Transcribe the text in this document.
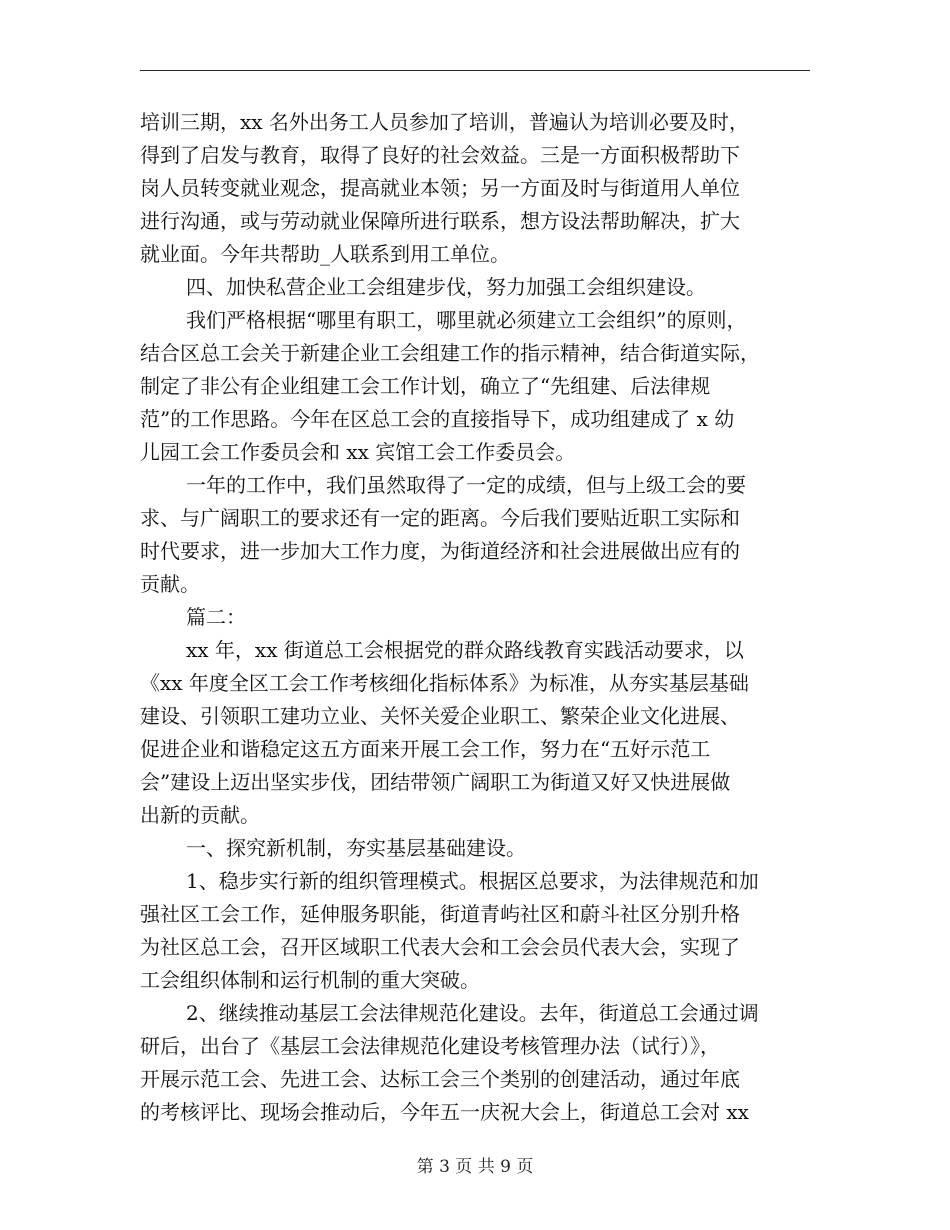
培训三期，xx 名外出务工人员参加了培训，普遍认为培训必要及时，
得到了启发与教育，取得了良好的社会效益。三是一方面积极帮助下
岗人员转变就业观念，提高就业本领；另一方面及时与街道用人单位
进行沟通，或与劳动就业保障所进行联系，想方设法帮助解决，扩大
就业面。今年共帮助_人联系到用工单位。
四、加快私营企业工会组建步伐，努力加强工会组织建设。
我们严格根据“哪里有职工，哪里就必须建立工会组织”的原则，
结合区总工会关于新建企业工会组建工作的指示精神，结合街道实际，
制定了非公有企业组建工会工作计划，确立了“先组建、后法律规
范”的工作思路。今年在区总工会的直接指导下，成功组建成了 x 幼
儿园工会工作委员会和 xx 宾馆工会工作委员会。
一年的工作中，我们虽然取得了一定的成绩，但与上级工会的要
求、与广阔职工的要求还有一定的距离。今后我们要贴近职工实际和
时代要求，进一步加大工作力度，为街道经济和社会进展做出应有的
贡献。
篇二：
xx 年，xx 街道总工会根据党的群众路线教育实践活动要求，以
《xx 年度全区工会工作考核细化指标体系》为标准，从夯实基层基础
建设、引领职工建功立业、关怀关爱企业职工、繁荣企业文化进展、
促进企业和谐稳定这五方面来开展工会工作，努力在“五好示范工
会”建设上迈出坚实步伐，团结带领广阔职工为街道又好又快进展做
出新的贡献。
一、探究新机制，夯实基层基础建设。
1、稳步实行新的组织管理模式。根据区总要求，为法律规范和加
强社区工会工作，延伸服务职能，街道青屿社区和蔚斗社区分别升格
为社区总工会，召开区域职工代表大会和工会会员代表大会，实现了
工会组织体制和运行机制的重大突破。
2、继续推动基层工会法律规范化建设。去年，街道总工会通过调
研后，出台了《基层工会法律规范化建设考核管理办法（试行）》，
开展示范工会、先进工会、达标工会三个类别的创建活动，通过年底
的考核评比、现场会推动后，今年五一庆祝大会上，街道总工会对 xx
第 3 页 共 9 页
